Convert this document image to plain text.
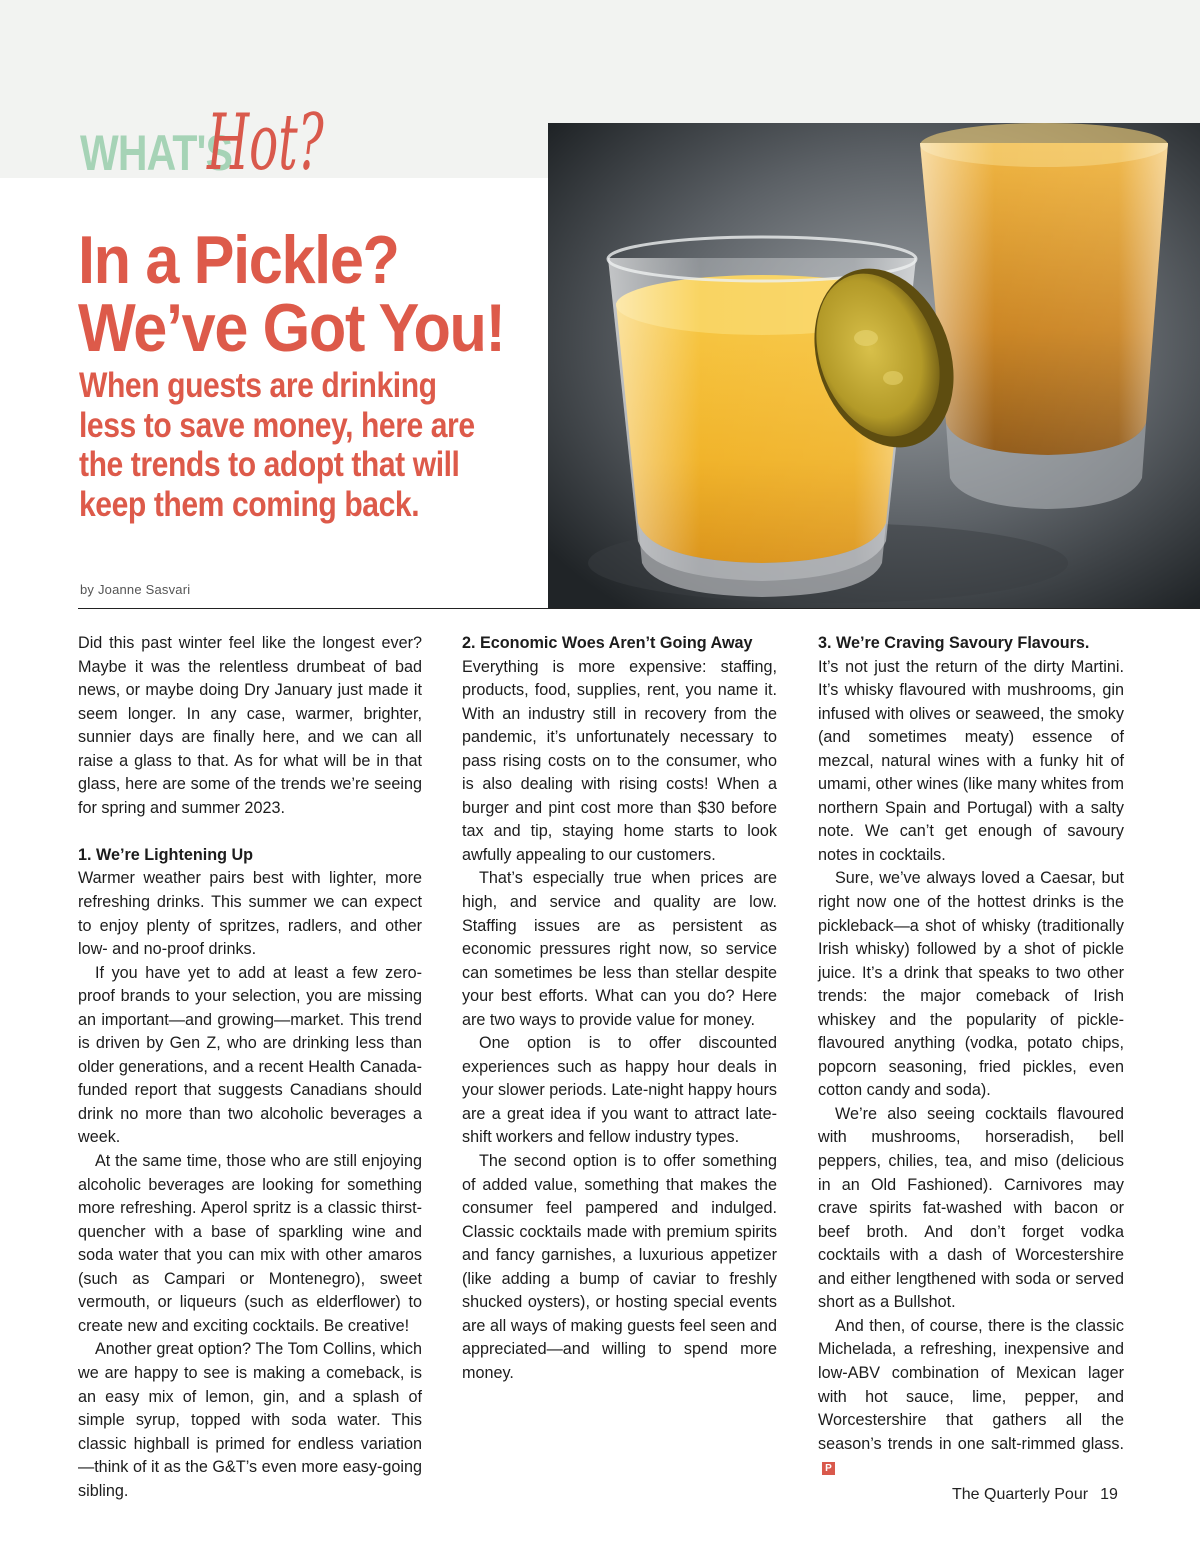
WHAT'S
Hot?
In a Pickle?
We’ve Got You!
When guests are drinking less to save money, here are the trends to adopt that will keep them coming back.
by Joanne Sasvari

Did this past winter feel like the longest ever? Maybe it was the relentless drumbeat of bad news, or maybe doing Dry January just made it seem longer. In any case, warmer, brighter, sunnier days are finally here, and we can all raise a glass to that. As for what will be in that glass, here are some of the trends we’re seeing for spring and summer 2023.

1. We’re Lightening Up

Warmer weather pairs best with lighter, more refreshing drinks. This summer we can expect to enjoy plenty of spritzes, radlers, and other low- and no-proof drinks.

If you have yet to add at least a few zero-proof brands to your selection, you are missing an important—and growing—market. This trend is driven by Gen Z, who are drinking less than older generations, and a recent Health Canada-funded report that suggests Canadians should drink no more than two alcoholic beverages a week.

At the same time, those who are still enjoying alcoholic beverages are looking for something more refreshing. Aperol spritz is a classic thirst-quencher with a base of sparkling wine and soda water that you can mix with other amaros (such as Campari or Montenegro), sweet vermouth, or liqueurs (such as elderflower) to create new and exciting cocktails. Be creative!

Another great option? The Tom Collins, which we are happy to see is making a comeback, is an easy mix of lemon, gin, and a splash of simple syrup, topped with soda water. This classic highball is primed for endless variation—think of it as the G&T’s even more easy-going sibling.

2. Economic Woes Aren’t Going Away

Everything is more expensive: staffing, products, food, supplies, rent, you name it. With an industry still in recovery from the pandemic, it’s unfortunately necessary to pass rising costs on to the consumer, who is also dealing with rising costs! When a burger and pint cost more than $30 before tax and tip, staying home starts to look awfully appealing to our customers.

That’s especially true when prices are high, and service and quality are low. Staffing issues are as persistent as economic pressures right now, so service can sometimes be less than stellar despite your best efforts. What can you do? Here are two ways to provide value for money.

One option is to offer discounted experiences such as happy hour deals in your slower periods. Late-night happy hours are a great idea if you want to attract late-shift workers and fellow industry types.

The second option is to offer something of added value, something that makes the consumer feel pampered and indulged. Classic cocktails made with premium spirits and fancy garnishes, a luxurious appetizer (like adding a bump of caviar to freshly shucked oysters), or hosting special events are all ways of making guests feel seen and appreciated—and willing to spend more money.

3. We’re Craving Savoury Flavours.

It’s not just the return of the dirty Martini. It’s whisky flavoured with mushrooms, gin infused with olives or seaweed, the smoky (and sometimes meaty) essence of mezcal, natural wines with a funky hit of umami, other wines (like many whites from northern Spain and Portugal) with a salty note. We can’t get enough of savoury notes in cocktails.

Sure, we’ve always loved a Caesar, but right now one of the hottest drinks is the pickleback—a shot of whisky (traditionally Irish whisky) followed by a shot of pickle juice. It’s a drink that speaks to two other trends: the major comeback of Irish whiskey and the popularity of pickle-flavoured anything (vodka, potato chips, popcorn seasoning, fried pickles, even cotton candy and soda).

We’re also seeing cocktails flavoured with mushrooms, horseradish, bell peppers, chilies, tea, and miso (delicious in an Old Fashioned). Carnivores may crave spirits fat-washed with bacon or beef broth. And don’t forget vodka cocktails with a dash of Worcestershire and either lengthened with soda or served short as a Bullshot.

And then, of course, there is the classic Michelada, a refreshing, inexpensive and low-ABV combination of Mexican lager with hot sauce, lime, pepper, and Worcestershire that gathers all the season’s trends in one salt-rimmed glass.P

The Quarterly Pour 19
